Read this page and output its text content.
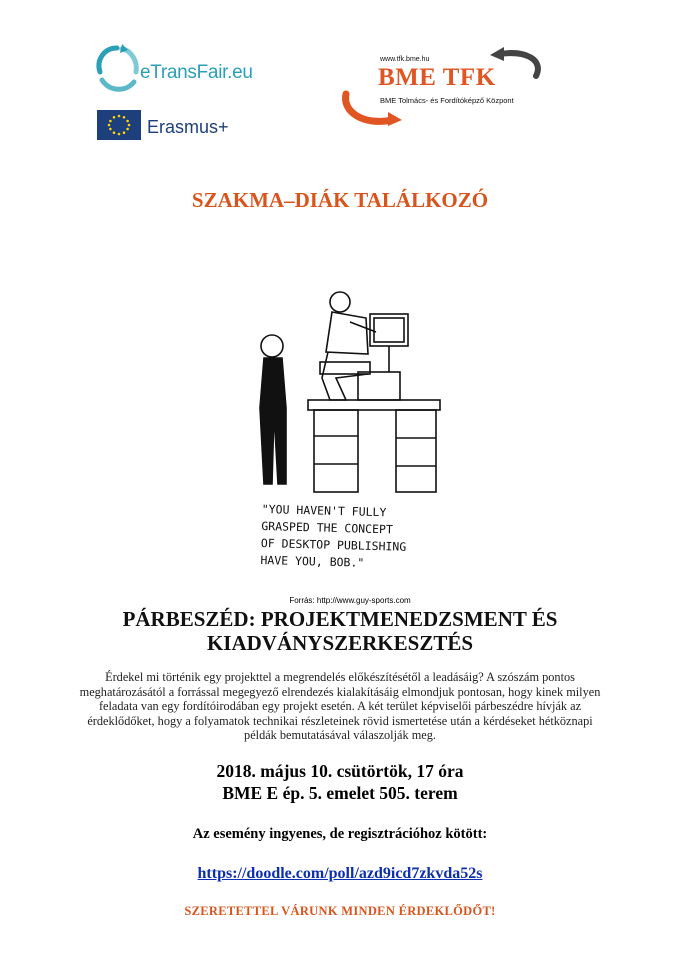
eTransFair.eu
Erasmus+
www.tfk.bme.hu
BME TFK
BME Tolmács- és Fordítóképző Központ
SZAKMA–DIÁK TALÁLKOZÓ
"YOU HAVEN'T FULLY
GRASPED THE CONCEPT
OF DESKTOP PUBLISHING
HAVE YOU, BOB."
Forrás: http://www.guy-sports.com
PÁRBESZÉD: PROJEKTMENEDZSMENT ÉS
KIADVÁNYSZERKESZTÉS
Érdekel mi történik egy projekttel a megrendelés előkészítésétől a leadásáig? A szószám pontos
meghatározásától a forrással megegyező elrendezés kialakításáig elmondjuk pontosan, hogy kinek milyen
feladata van egy fordítóirodában egy projekt esetén. A két terület képviselői párbeszédre hívják az
érdeklődőket, hogy a folyamatok technikai részleteinek rövid ismertetése után a kérdéseket hétköznapi
példák bemutatásával válaszolják meg.
2018. május 10. csütörtök, 17 óra
BME E ép. 5. emelet 505. terem
Az esemény ingyenes, de regisztrációhoz kötött:
https://doodle.com/poll/azd9icd7zkvda52s
SZERETETTEL VÁRUNK MINDEN ÉRDEKLŐDŐT!
